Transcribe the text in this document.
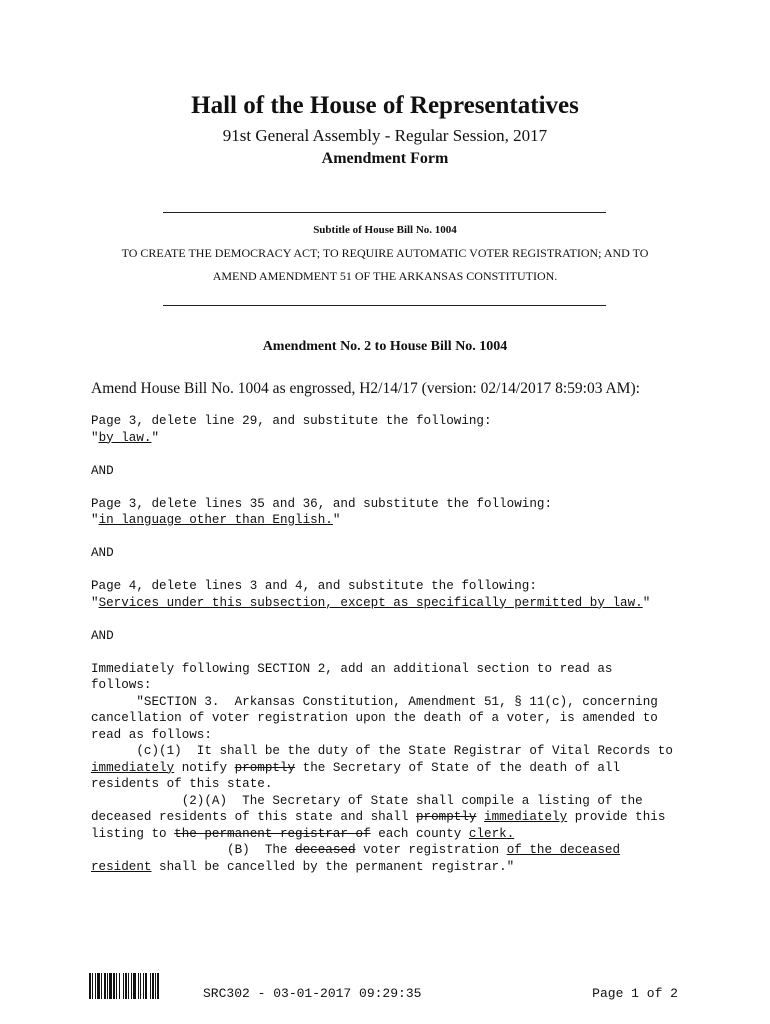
Hall of the House of Representatives
91st General Assembly - Regular Session, 2017
Amendment Form
Subtitle of House Bill No. 1004
TO CREATE THE DEMOCRACY ACT; TO REQUIRE AUTOMATIC VOTER REGISTRATION; AND TO
AMEND AMENDMENT 51 OF THE ARKANSAS CONSTITUTION.
Amendment No. 2 to House Bill No. 1004
Amend House Bill No. 1004 as engrossed, H2/14/17 (version: 02/14/2017 8:59:03 AM):
Page 3, delete line 29, and substitute the following:
"by law."

AND

Page 3, delete lines 35 and 36, and substitute the following:
"in language other than English."

AND

Page 4, delete lines 3 and 4, and substitute the following:
"Services under this subsection, except as specifically permitted by law."

AND

Immediately following SECTION 2, add an additional section to read as
follows:
"SECTION 3.  Arkansas Constitution, Amendment 51, § 11(c), concerning
cancellation of voter registration upon the death of a voter, is amended to
read as follows:
(c)(1)  It shall be the duty of the State Registrar of Vital Records to
immediately notify promptly the Secretary of State of the death of all
residents of this state.
(2)(A)  The Secretary of State shall compile a listing of the
deceased residents of this state and shall promptly immediately provide this
listing to the permanent registrar of each county clerk.
(B)  The deceased voter registration of the deceased
resident shall be cancelled by the permanent registrar."
SRC302 - 03-01-2017 09:29:35	Page 1 of 2
